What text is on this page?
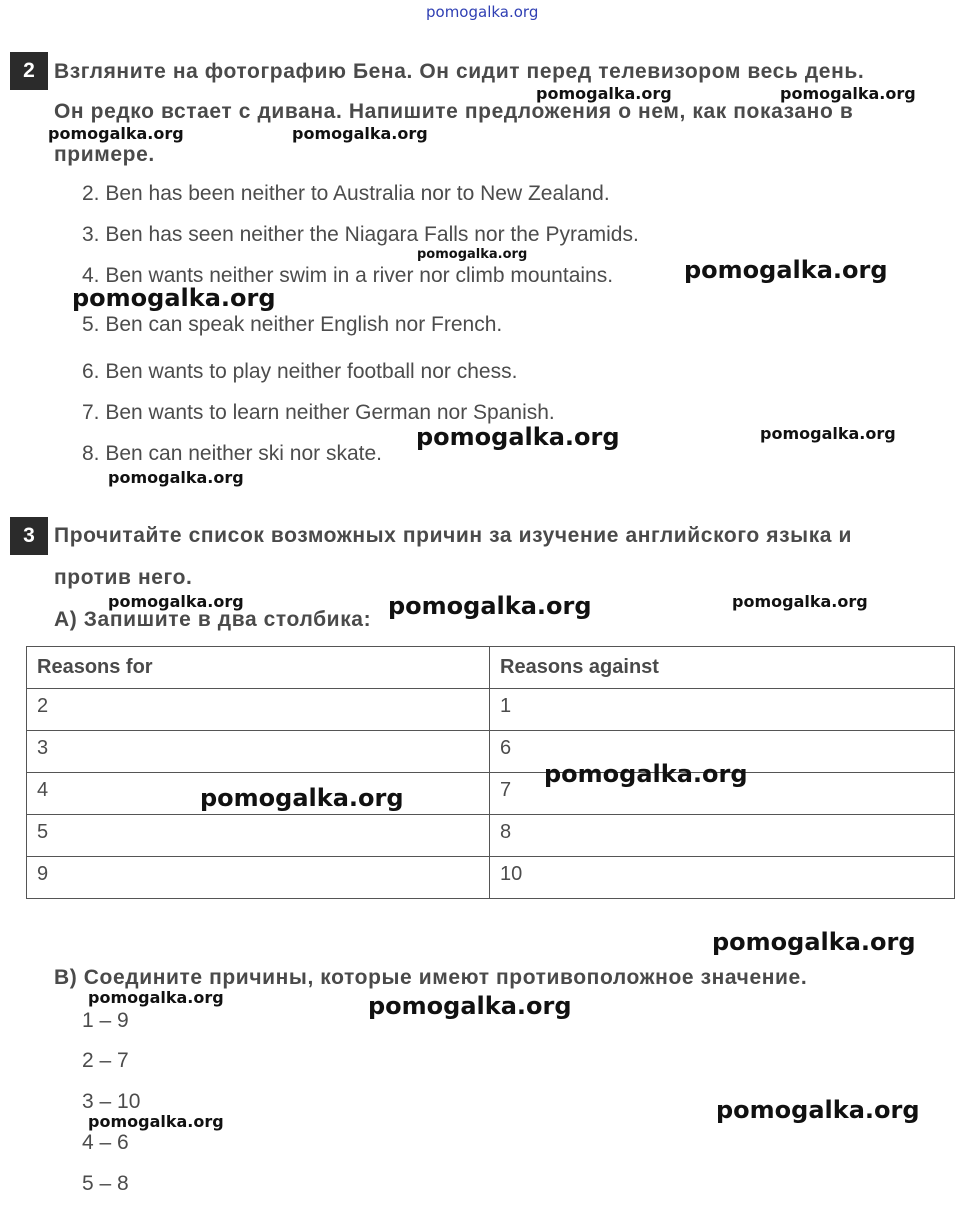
pomogalka.org
2 Взгляните на фотографию Бена. Он сидит перед телевизором весь день.
Он редко встает с дивана. Напишите предложения о нем, как показано в
примере.
2. Ben has been neither to Australia nor to New Zealand.
3. Ben has seen neither the Niagara Falls nor the Pyramids.
4. Ben wants neither swim in a river nor climb mountains.
5. Ben can speak neither English nor French.
6. Ben wants to play neither football nor chess.
7. Ben wants to learn neither German nor Spanish.
8. Ben can neither ski nor skate.
3 Прочитайте список возможных причин за изучение английского языка и
против него.
A) Запишите в два столбика:
Reasons for	Reasons against
2	1
3	6
4	7
5	8
9	10
B) Соедините причины, которые имеют противоположное значение.
1 – 9
2 – 7
3 – 10
4 – 6
5 – 8
pomogalka.org	pomogalka.org
pomogalka.org	pomogalka.org
pomogalka.org
pomogalka.org
pomogalka.org
pomogalka.org	pomogalka.org
pomogalka.org
pomogalka.org	pomogalka.org	pomogalka.org
pomogalka.org
pomogalka.org
pomogalka.org
pomogalka.org	pomogalka.org
pomogalka.org
pomogalka.org
